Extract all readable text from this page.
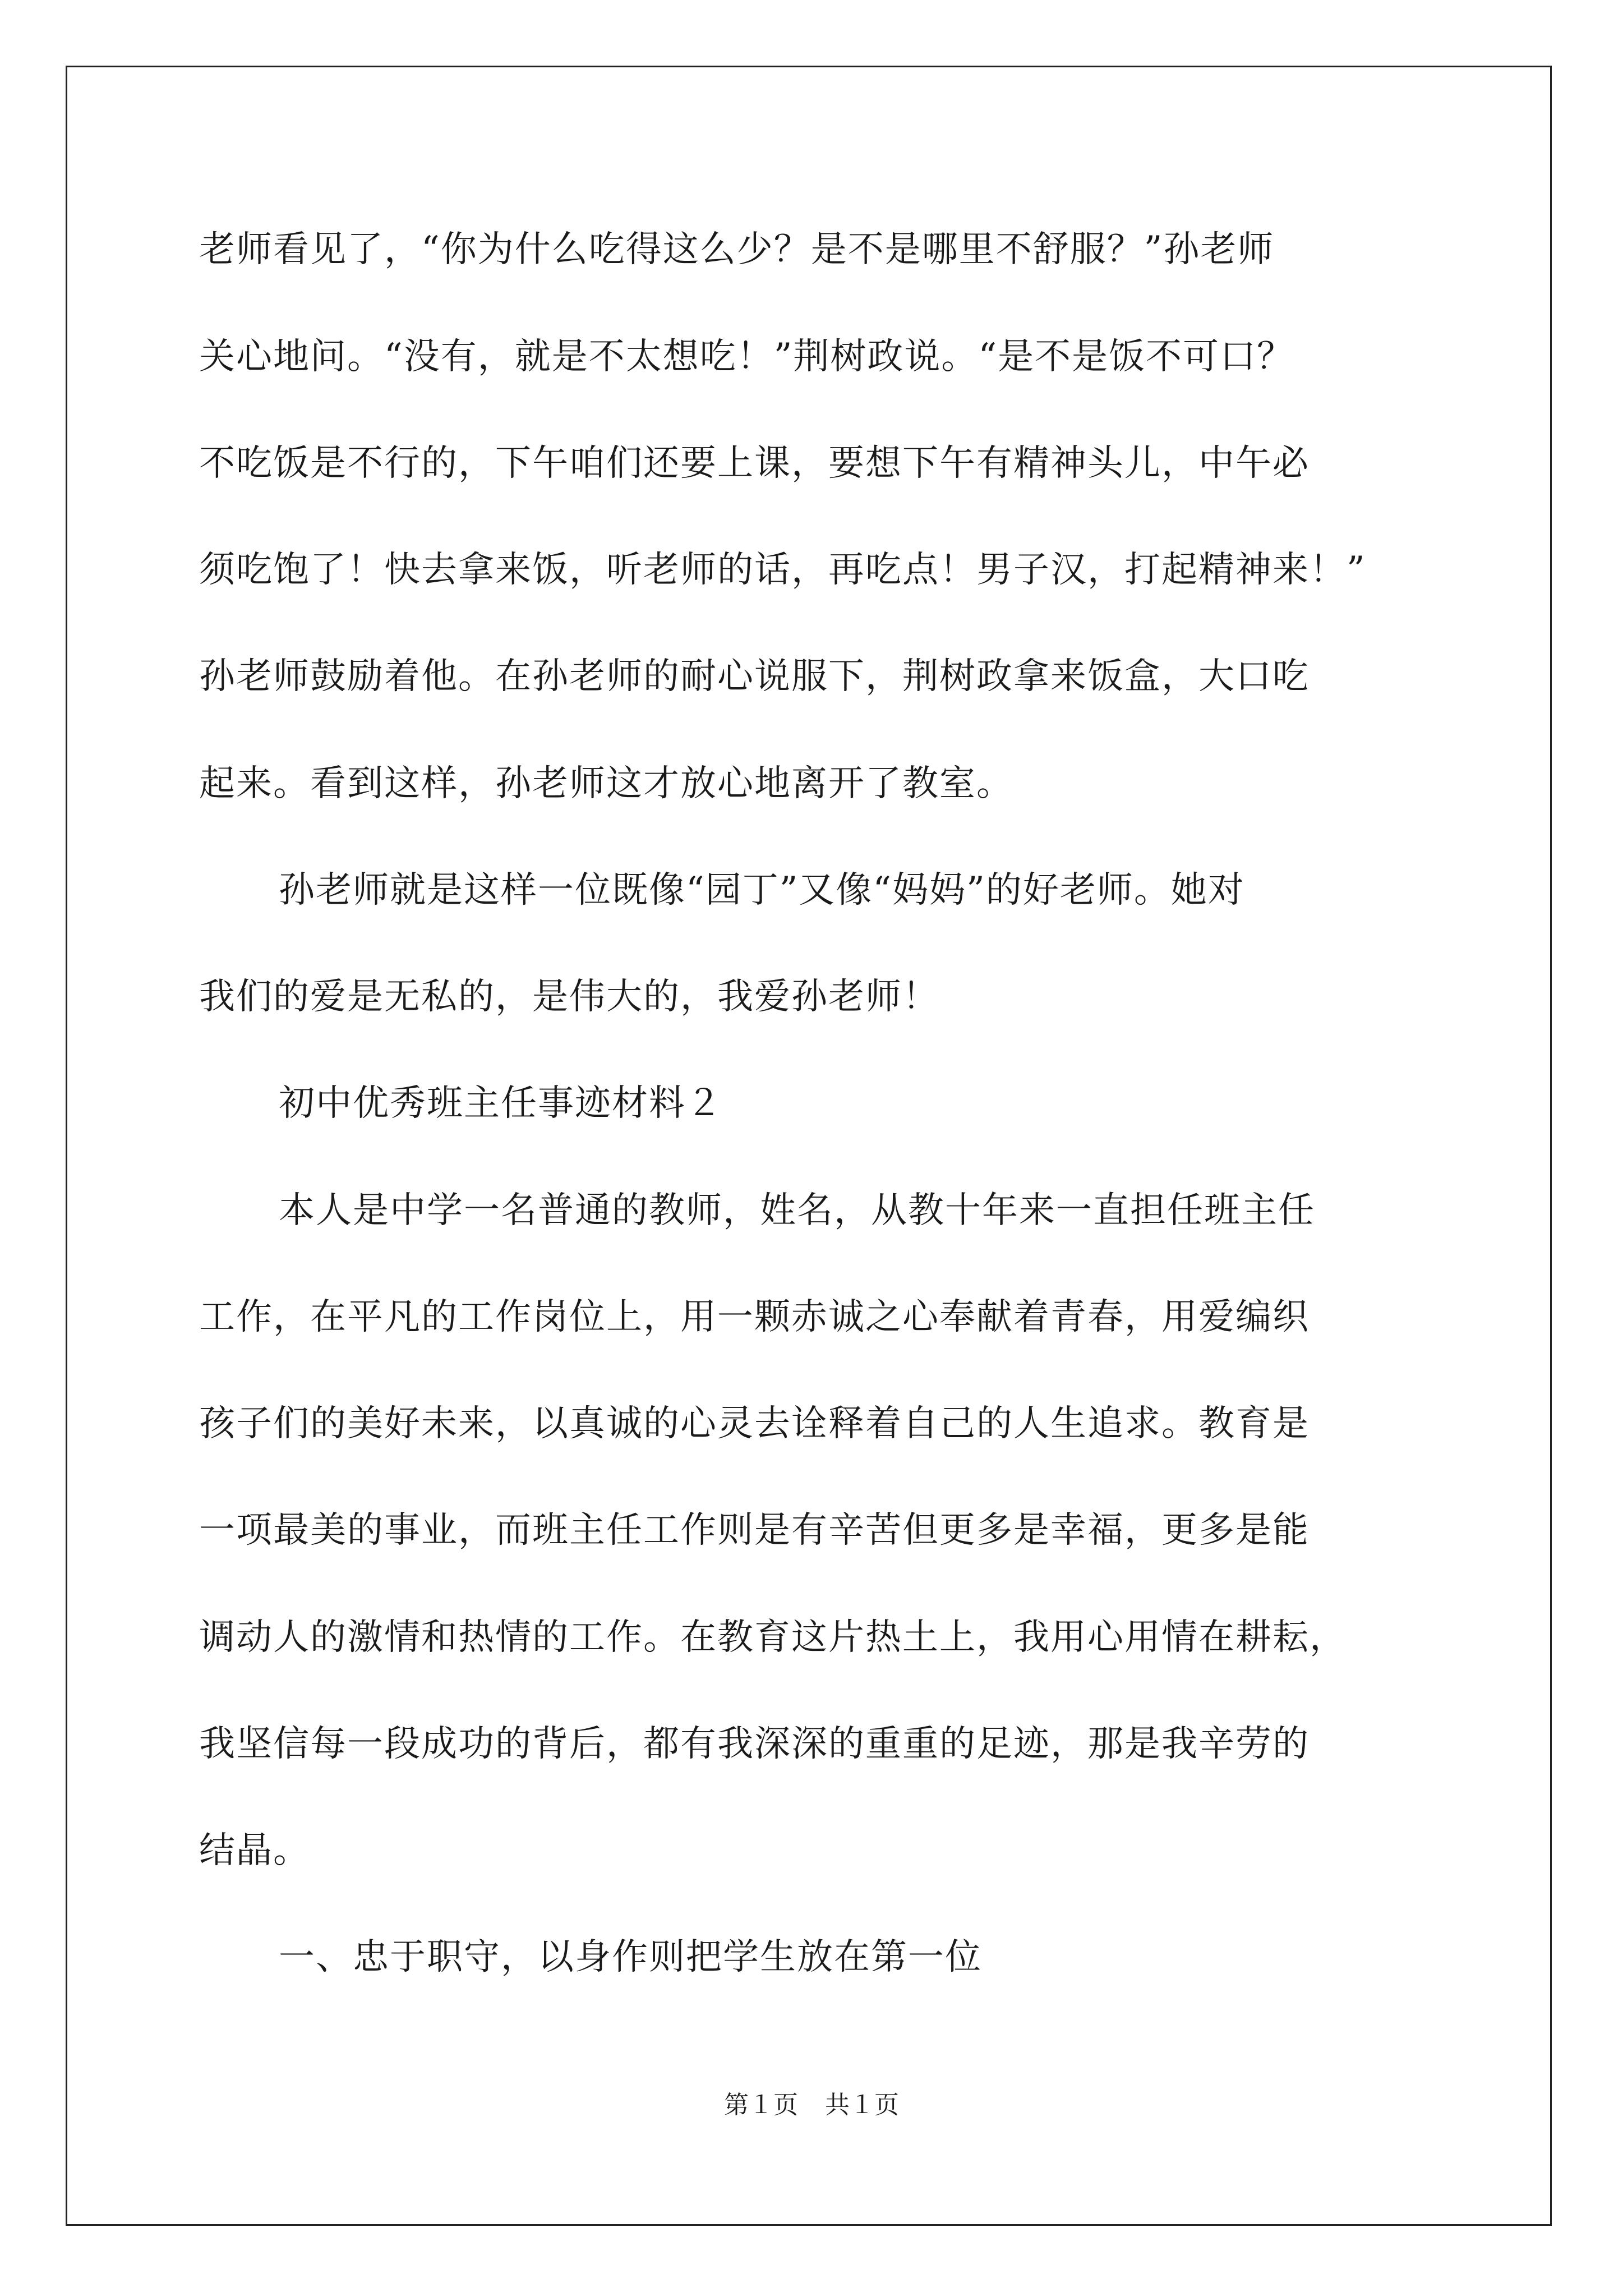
老师看见了，“你为什么吃得这么少？是不是哪里不舒服？”孙老师
关心地问。“没有，就是不太想吃！”荆树政说。“是不是饭不可口？
不吃饭是不行的，下午咱们还要上课，要想下午有精神头儿，中午必
须吃饱了！快去拿来饭，听老师的话，再吃点！男子汉，打起精神来！”
孙老师鼓励着他。在孙老师的耐心说服下，荆树政拿来饭盒，大口吃
起来。看到这样，孙老师这才放心地离开了教室。
孙老师就是这样一位既像“园丁”又像“妈妈”的好老师。她对
我们的爱是无私的，是伟大的，我爱孙老师！
初中优秀班主任事迹材料２
本人是中学一名普通的教师，姓名，从教十年来一直担任班主任
工作，在平凡的工作岗位上，用一颗赤诚之心奉献着青春，用爱编织
孩子们的美好未来，以真诚的心灵去诠释着自己的人生追求。教育是
一项最美的事业，而班主任工作则是有辛苦但更多是幸福，更多是能
调动人的激情和热情的工作。在教育这片热土上，我用心用情在耕耘，
我坚信每一段成功的背后，都有我深深的重重的足迹，那是我辛劳的
结晶。
一、忠于职守，以身作则把学生放在第一位
第１页 共１页
